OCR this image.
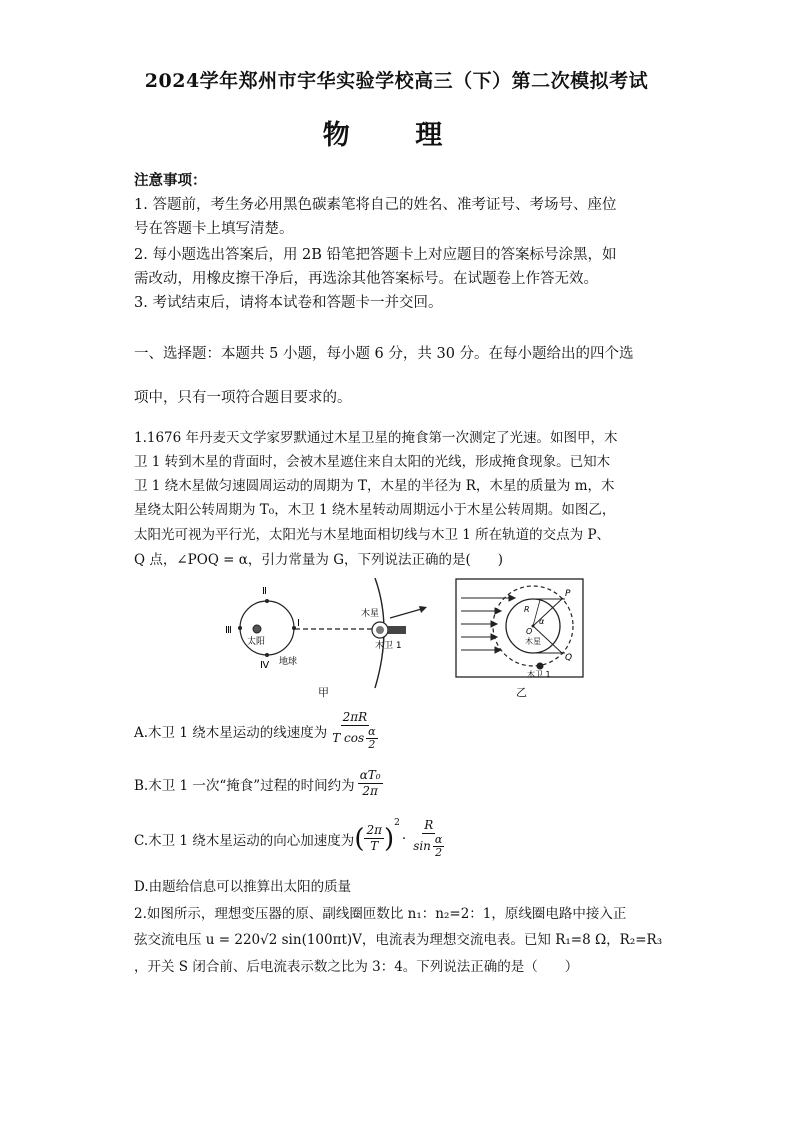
2024学年郑州市宇华实验学校高三（下）第二次模拟考试
物 理
注意事项：
1. 答题前，考生务必用黑色碳素笔将自己的姓名、准考证号、考场号、座位
号在答题卡上填写清楚。
2. 每小题选出答案后，用 2B 铅笔把答题卡上对应题目的答案标号涂黑，如
需改动，用橡皮擦干净后，再选涂其他答案标号。在试题卷上作答无效。
3. 考试结束后，请将本试卷和答题卡一并交回。
一、选择题：本题共 5 小题，每小题 6 分，共 30 分。在每小题给出的四个选
项中，只有一项符合题目要求的。
1.1676 年丹麦天文学家罗默通过木星卫星的掩食第一次测定了光速。如图甲，木
卫 1 转到木星的背面时，会被木星遮住来自太阳的光线，形成掩食现象。已知木
卫 1 绕木星做匀速圆周运动的周期为 T，木星的半径为 R，木星的质量为 m，木
星绕太阳公转周期为 T₀，木卫 1 绕木星转动周期远小于木星公转周期。如图乙，
太阳光可视为平行光，太阳光与木星地面相切线与木卫 1 所在轨道的交点为 P、
Q 点，∠POQ = α，引力常量为 G，下列说法正确的是(　　)
Ⅱ
Ⅲ
Ⅰ
Ⅳ
太阳
地球
木星
木卫 1
甲
P
Q
R
O
α
木星
木卫 1
乙
A.木卫 1 绕木星运动的线速度为 $\frac{2\pi R}{T \cos \frac{\alpha}{2}}$
B.木卫 1 一次“掩食”过程的时间约为 $\frac{\text{αT₀}}{2\pi}$
C.木卫 1 绕木星运动的向心加速度为 ( $\frac{2\pi}{T}$ )
$^2$
· $\frac{R}{\sin \frac{\alpha}{2}}$
D.由题给信息可以推算出太阳的质量
2.如图所示，理想变压器的原、副线圈匝数比 n₁：n₂=2：1，原线圈电路中接入正
弦交流电压 u = 220√2 sin(100πt)V，电流表为理想交流电表。已知 R₁=8 Ω，R₂=R₃
，开关 S 闭合前、后电流表示数之比为 3：4。下列说法正确的是（　　）
